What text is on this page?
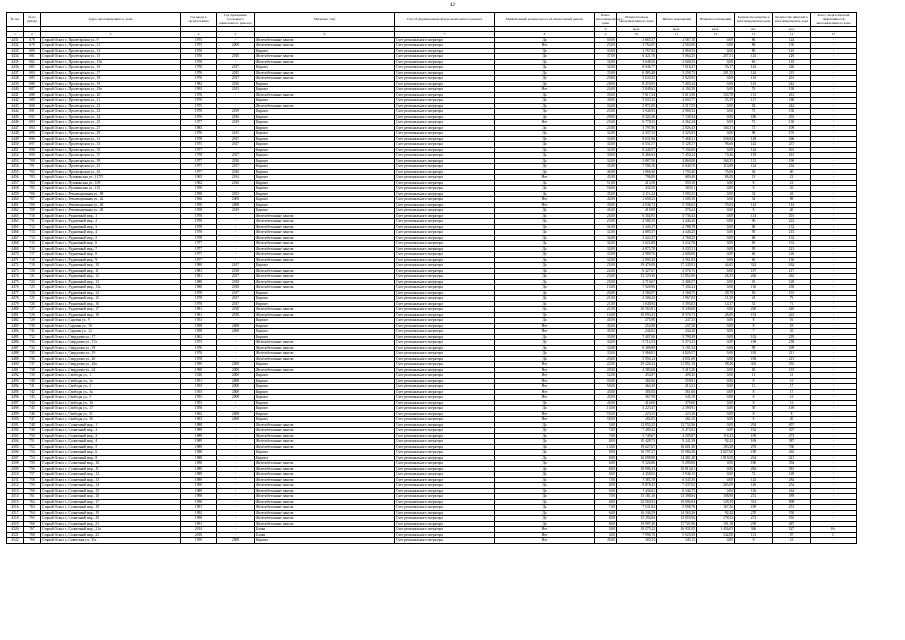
42
№ п/п	№ по району	Адрес многоквартирного дома	Год ввода в эксплуатацию	Год проведения последнего капитального ремонта	Материал стен	Способ формирования фонда капитального ремонта	Минимальный размер взноса на капитальный ремонт	Износ многоквартирного дома	Общая площадь многоквартирного дома	Жилых помещений	Нежилых помещений	Количество квартир в многоквартирном доме	Количество жителей в многоквартирном доме	Класс энергетической эффективности многоквартирного дома
								%	кв.м.	кв.м.	кв.м.	шт.	чел.	
1	2	3	4	5	6	7	8	9	10	11	12	13	14	15
4431	678	Старый Оскол г., Пролетарская ул., 9	1975	-	Железобетонные панели	Счет регионального оператора	Да	50,00	3 665,37	2 567,10	0,00	86	124	-
4432	679	Старый Оскол г., Пролетарская ул., 11	1975	2009	Железобетонные панели	Счет регионального оператора	Нет	25,00	3 764,05	2 563,60	0,00	88	130	-
4433	680	Старый Оскол г., Пролетарская ул., 13	1976	-	Кирпич	Счет регионального оператора	Да	35,00	3 767,82	2 969,53	0,00	80	145	-
4434	681	Старый Оскол г., Пролетарская ул., 15	1976	2010	Железобетонные панели	Счет регионального оператора	Да	37,00	6 321,76	5 064,25	257,51	125	229	-
4435	682	Старый Оскол г., Пролетарская ул., 15а	1976	-	Железобетонные панели	Счет регионального оператора	Да	35,00	3 648,56	2 608,35	0,00	60	118	-
4436	683	Старый Оскол г., Пролетарская ул., 16	1976	2017	Кирпич	Счет регионального оператора	Да	32,00	8 946,77	7 618,47	55,17	143	226	-
4437	684	Старый Оскол г., Пролетарская ул., 17	1976	2015	Железобетонные панели	Счет регионального оператора	Да	35,00	6 385,48	5 258,75	201,55	124	215	-
4438	685	Старый Оскол г., Пролетарская ул., 18	1976	2017	Железобетонные панели	Счет регионального оператора	Да	29,00	5 633,55	5 020,95	0,00	110	201	-
4439	686	Старый Оскол г., Пролетарская ул., 19	1982	2016	Кирпич	Счет регионального оператора	Да	28,00	8 474,95	7 403,24	0,00	143	242	-
4440	687	Старый Оскол г., Пролетарская ул., 19а	1992	2013	Кирпич	Счет регионального оператора	Нет	24,00	5 849,62	4 104,58	0,00	76	130	-
4441	688	Старый Оскол г., Пролетарская ул., 20	1976	-	Железобетонные панели	Счет регионального оператора	Да	35,00	7 617,34	5 613,96	154,78	113	261	-
4442	689	Старый Оскол г., Пролетарская ул., 21	1976	-	Кирпич	Счет регионального оператора	Да	30,00	5 633,32	4 603,77	55,19	117	188	-
4443	690	Старый Оскол г., Пролетарская ул., 22	1975	-	Железобетонные панели	Счет регионального оператора	Да	34,00	5 971,85	4 317,55	0,00	92	242	-
4444	691	Старый Оскол г., Пролетарская ул., 23	1978	2019	Кирпич	Счет регионального оператора	Да	25,00	3 946,93	2 980,33	0,00	73	136	-
4445	692	Старый Оскол г., Пролетарская ул., 24	1976	2016	Кирпич	Счет регионального оператора	Да	29,00	8 222,36	7 139,34	0,00	180	263	-
4446	693	Старый Оскол г., Пролетарская ул., 25	1977	2019	Кирпич	Счет регионального оператора	Нет	25,00	6 778,33	4 362,24	0,00	75	136	-
4447	694	Старый Оскол г., Пролетарская ул., 27	1983	-	Кирпич	Счет регионального оператора	Да	23,00	3 797,86	2 926,45	104,31	71	109	-
4448	695	Старый Оскол г., Пролетарская ул., 29	1976	2015	Кирпич	Счет регионального оператора	Да	32,00	4 437,33	3 325,93	0,00	98	176	-
4449	696	Старый Оскол г., Пролетарская ул., 31	1978	2017	Кирпич	Счет регионального оператора	Да	35,00	9 631,86	7 468,21	258,04	128	266	-
4450	697	Старый Оскол г., Пролетарская ул., 33	1975	2017	Кирпич	Счет регионального оператора	Да	34,00	6 531,57	5 128,17	96,66	142	237	-
4451	698	Старый Оскол г., Пролетарская ул., 35	1977	-	Кирпич	Счет регионального оператора	Да	32,00	8 240,57	7 194,60	0,00	144	301	-
4452	699	Старый Оскол г., Пролетарская ул., 37	1978	2017	Кирпич	Счет регионального оператора	Да	30,00	8 466,94	7 450,24	70,46	139	261	-
4453	700	Старый Оскол г., Пролетарская ул., 39	1977	2016	Кирпич	Счет регионального оператора	Да	32,00	5 887,50	4 860,08	164,35	113	190	-
4454	701	Старый Оскол г., Пролетарская ул., 41	1977	2017	Кирпич	Счет регионального оператора	Да	35,00	7 596,16	6 040,70	114,88	124	234	-
4455	702	Старый Оскол г., Пролетарская ул., 43	1977	2016	Кирпич	Счет регионального оператора	Да	46,00	1 868,40	1 795,20	76,00	36	60	-
4456	703	Старый Оскол г., Пушкинская ул., 117/5	1965	2014	Кирпич	Счет регионального оператора	Нет	45,00	796,80	689,40	86,50	13	21	-
4457	704	Старый Оскол г., Пушкинская ул., 109	1962	2016	Кирпич	Счет регионального оператора	Да	51,00	413,50	359,10	0,00	8	21	-
4458	705	Старый Оскол г., Пушкинская ул., 135	1958	-	Кирпич	Счет регионального оператора	Да	50,00	434,50	383,61	0,00	9	25	-
4459	706	Старый Оскол г., Революционная ул., 58	1958	2013	Кирпич	Счет регионального оператора	Да	45,00	2 111,44	1 593,53	0,00	32	42	-
4460	707	Старый Оскол г., Революционная ул., 42	1966	2009	Кирпич	Счет регионального оператора	Нет	40,00	1 608,22	1 300,10	0,00	34	69	-
4461	708	Старый Оскол г., Революционная ул., 48	1958	2008	Кирпич	Счет регионального оператора	Нет	30,00	4 046,72	3 196,62	55,04	143	144	-
4462	709	Старый Оскол г., Революционная ул., 49	1958	2019	Кирпич	Счет регионального оператора	Да	45,00	418,98	376,24	0,00	8	20	-
4463	710	Старый Оскол г., Рудничный мкр., 1	1978	-	Железобетонные панели	Счет регионального оператора	Да	24,00	6 302,95	5 736,43	0,00	114	201	-
4464	711	Старый Оскол г., Рудничный мкр., 2	1978	-	Железобетонные панели	Счет регионального оператора	Да	23,00	4 586,35	4 446,20	0,00	96	222	-
4465	712	Старый Оскол г., Рудничный мкр., 3	1978	-	Железобетонные панели	Счет регионального оператора	Да	31,00	3 443,37	2 788,78	0,00	68	132	-
4466	713	Старый Оскол г., Рудничный мкр., 4	1978	-	Железобетонные панели	Счет регионального оператора	Да	32,00	4 885,37	4 446,25	0,00	95	215	-
4467	714	Старый Оскол г., Рудничный мкр., 5	1978	-	Железобетонные панели	Счет регионального оператора	Да	34,00	3 422,47	2 768,25	0,00	68	132	-
4468	715	Старый Оскол г., Рудничный мкр., 6	1977	-	Железобетонные панели	Счет регионального оператора	Да	32,00	3 622,88	3 232,76	0,00	69	133	-
4469	716	Старый Оскол г., Рудничный мкр., 7	1977	-	Железобетонные панели	Счет регионального оператора	Да	32,00	4 875,70	4 435,11	0,00	95	221	-
4470	717	Старый Оскол г., Рудничный мкр., 8	1977	-	Железобетонные панели	Счет регионального оператора	Да	33,00	2 989,76	2 600,00	0,00	66	126	-
4471	718	Старый Оскол г., Рудничный мкр., 9	1977	-	Железобетонные панели	Счет регионального оператора	Да	32,00	2 995,29	2 561,83	0,00	66	136	-
4472	719	Старый Оскол г., Рудничный мкр., 10	1980	2017	Кирпич	Счет регионального оператора	Да	25,00	19 476,08	17 245,03	44,65	324	634	-
4473	720	Старый Оскол г., Рудничный мкр., 11	1981	2018	Железобетонные панели	Счет регионального оператора	Да	22,00	6 327,67	5 576,73	0,00	107	217	-
4474	721	Старый Оскол г., Рудничный мкр., 12	1981	2017	Железобетонные панели	Счет регионального оператора	Да	23,00	13 129,36	11 852,06	26,35	206	462	-
4475	722	Старый Оскол г., Рудничный мкр., 13	1980	2018	Железобетонные панели	Счет регионального оператора	Да	25,00	2 719,67	2 406,57	0,00	45	128	-
4476	723	Старый Оскол г., Рудничный мкр., 13а	1980	2018	Железобетонные панели	Счет регионального оператора	Да	13,00	7 928,96	7 104,24	0,00	130	458	-
4477	724	Старый Оскол г., Рудничный мкр., 14	1978	2017	Кирпич	Счет регионального оператора	Да	26,00	3 584,97	3 168,75	49,78	56	101	-
4478	725	Старый Оскол г., Рудничный мкр., 15	1978	2017	Кирпич	Счет регионального оператора	Да	21,00	2 306,43	1 967,05	11,50	41	79	-
4479	726	Старый Оскол г., Рудничный мкр., 16	1978	2017	Кирпич	Счет регионального оператора	Да	21,00	1 640,94	1 393,03	14,37	31	71	-
4480	727	Старый Оскол г., Рудничный мкр., 17	1981	2018	Железобетонные панели	Счет регионального оператора	Да	21,00	10 563,81	9 349,68	0,00	200	440	-
4481	728	Старый Оскол г., Рудничный мкр., 18	1981	2018	Железобетонные панели	Счет регионального оператора	Да	16,00	10 093,43	8 576,73	26,09	192	422	-
4482	729	Старый Оскол г., Садовая ул., 9	1953	-	Кирпич	Счет регионального оператора	Да	45,00	273,98	247,35	0,00	8	16	-
4483	730	Старый Оскол г., Садовая ул., 10	1958	2008	Кирпич	Счет регионального оператора	Нет	45,00	252,88	237,20	0,00	8	18	-
4484	731	Старый Оскол г., Садовая ул., 12	1958	2008	Кирпич	Счет регионального оператора	Нет	45,00	244,02	234,20	0,00	7	16	-
4485	732	Старый Оскол г., Свердлова ул., 17	1962	-	Кирпич	Счет регионального оператора	Да	33,00	7 407,66	5 799,49	0,00	102	218	-
4486	733	Старый Оскол г., Свердлова ул., 17а	1975	-	Железобетонные панели	Счет регионального оператора	Да	34,00	5 712,53	5 373,23	0,00	108	238	-
4487	734	Старый Оскол г., Свердлова ул., 18	1976	-	Железобетонные панели	Счет регионального оператора	Да	33,00	6 388,89	5 191,54	0,00	99	209	-
4488	735	Старый Оскол г., Свердлова ул., 19	1976	-	Железобетонные панели	Счет регионального оператора	Да	33,00	5 966,81	4 826,57	0,00	102	211	-
4489	736	Старый Оскол г., Свердлова ул., 20	1978	-	Железобетонные панели	Счет регионального оператора	Да	20,00	5 956,12	4 831,69	0,00	108	221	-
4490	737	Старый Оскол г., Свердлова ул., 20а	1990	2009	Кирпич	Счет регионального оператора	Нет	22,00	19 226,22	11 851,10	98,46	303	555	-
4491	738	Старый Оскол г., Свердлова ул., 24	1990	2009	Железобетонные панели	Счет регионального оператора	Нет	20,00	4 383,68	3 415,30	0,00	69	167	-
4492	739	Старый Оскол г., Свободы ул., 1	1926	2008	Кирпич	Счет регионального оператора	Нет	52,00	454,87	409,45	0,00	11	21	-
4493	740	Старый Оскол г., Свободы ул., 1а	1951	2008	Кирпич	Счет регионального оператора	Нет	50,00	382,66	359,81	0,00	8	15	-
4494	741	Старый Оскол г., Свободы ул., 2	1955	2008	Кирпич	Счет регионального оператора	Нет	50,00	464,30	413,21	0,00	11	17	-
4495	742	Старый Оскол г., Свободы ул., 3а	1955	2008	Кирпич	Счет регионального оператора	Нет	45,00	385,04	361,60	0,00	8	17	-
4496	743	Старый Оскол г., Свободы ул., 5	1955	2008	Кирпич	Счет регионального оператора	Нет	45,00	367,58	345,10	0,00	8	13	-
4497	744	Старый Оскол г., Свободы ул., 16	1955	-	Кирпич	Счет регионального оператора	Да	45,00	416,00	379,00	0,00	8	13	-
4498	745	Старый Оскол г., Свободы ул., 17	1958	-	Кирпич	Счет регионального оператора	Да	13,00	3 225,47	2 390,91	0,00	39	169	-
4499	746	Старый Оскол г., Свободы ул., 31	1962	2008	Кирпич	Счет регионального оператора	Нет	55,00	223,53	223,30	0,00	8	8	-
4500	747	Старый Оскол г., Свободы ул., 36	1963	2008	Кирпич	Счет регионального оператора	Нет	50,00	282,85	282,10	0,00	8	20	-
4501	748	Старый Оскол г., Солнечный мкр., 1	1988	-	Железобетонные панели	Счет регионального оператора	Да	5,00	12 855,23	12 732,96	0,00	204	657	-
4502	749	Старый Оскол г., Солнечный мкр., 2	1988	-	Железобетонные панели	Счет регионального оператора	Да	7,00	7 289,42	6 472,02	0,00	162	307	-
4503	750	Старый Оскол г., Солнечный мкр., 3	1988	-	Железобетонные панели	Счет регионального оператора	Да	7,00	5 749,67	4 505,87	118,23	109	273	-
4504	751	Старый Оскол г., Солнечный мкр., 4	1989	-	Железобетонные панели	Счет регионального оператора	Да	8,00	10 428,73	9 241,39	92,42	169	387	-
4505	752	Старый Оскол г., Солнечный мкр., 5	1989	-	Железобетонные панели	Счет регионального оператора	Да	13,00	19 627,67	16 601,30	183,30	278	760	-
4506	753	Старый Оскол г., Солнечный мкр., 6	1988	-	Кирпич	Счет регионального оператора	Да	8,00	16 707,27	15 984,48	2 827,60	189	463	-
4507	754	Старый Оскол г., Солнечный мкр., 8	1988	-	Кирпич	Счет регионального оператора	Да	8,00	16 098,90	14 481,40	1 819,50	234	421	-
4508	755	Старый Оскол г., Солнечный мкр., 10	1990	-	Железобетонные панели	Счет регионального оператора	Да	6,00	9 526,86	9 299,06	0,00	180	394	-
4509	756	Старый Оскол г., Солнечный мкр., 11	1989	-	Железобетонные панели	Счет регионального оператора	Да	8,00	18 906,34	16 813,61	0,00	284	581	-
4510	757	Старый Оскол г., Солнечный мкр., 12	1989	-	Железобетонные панели	Счет регионального оператора	Да	8,00	4 458,02	3 946,15	0,00	72	169	-
4511	758	Старый Оскол г., Солнечный мкр., 13	1989	-	Железобетонные панели	Счет регионального оператора	Да	7,00	7 383,78	6 545,50	0,00	125	284	-
4512	759	Старый Оскол г., Солнечный мкр., 14	1990	-	Железобетонные панели	Счет регионального оператора	Да	8,00	9 878,45	7 337,05	265,09	140	254	-
4513	760	Старый Оскол г., Солнечный мкр., 15	1989	-	Железобетонные панели	Счет регионального оператора	Да	9,00	7 436,02	6 544,75	0,00	126	262	-
4514	761	Старый Оскол г., Солнечный мкр., 16	1990	-	Железобетонные панели	Счет регионального оператора	Да	7,00	15 181,36	13 398,84	108,98	251	589	-
4515	762	Старый Оскол г., Солнечный мкр., 17	1990	-	Железобетонные панели	Счет регионального оператора	Да	8,00	22 569,53	19 696,94	128,39	332	808	-
4516	763	Старый Оскол г., Солнечный мкр., 18	1991	-	Железобетонные панели	Счет регионального оператора	Да	7,00	7 531,84	5 908,78	167,26	109	251	-
4517	764	Старый Оскол г., Солнечный мкр., 19	1992	-	Железобетонные панели	Счет регионального оператора	Да	6,00	16 344,59	14 365,26	92,42	270	550	-
4518	765	Старый Оскол г., Солнечный мкр., 20	1990	-	Железобетонные панели	Счет регионального оператора	Да	8,00	15 394,84	13 655,94	178,32	272	555	-
4519	766	Старый Оскол г., Солнечный мкр., 21	1991	-	Железобетонные панели	Счет регионального оператора	Да	8,00	19 997,49	17 721,96	191,18	258	487	-
4520	767	Старый Оскол г., Солнечный мкр., 21а	2014	-	Блоки	Счет регионального оператора	Нет	5,00	19 275,22	16 931,05	1 456,05	366	527	В+
4521	768	Старый Оскол г., Солнечный мкр., 22	2016	-	Блоки	Счет регионального оператора	Нет	3,00	7 996,70	5 925,50	542,00	113	87	С
4522	769	Старый Оскол г., Советская ул., 31а	1959	2008	Кирпич	Счет регионального оператора	Нет	45,00	385,54	345,12	0,00	8	21	-
